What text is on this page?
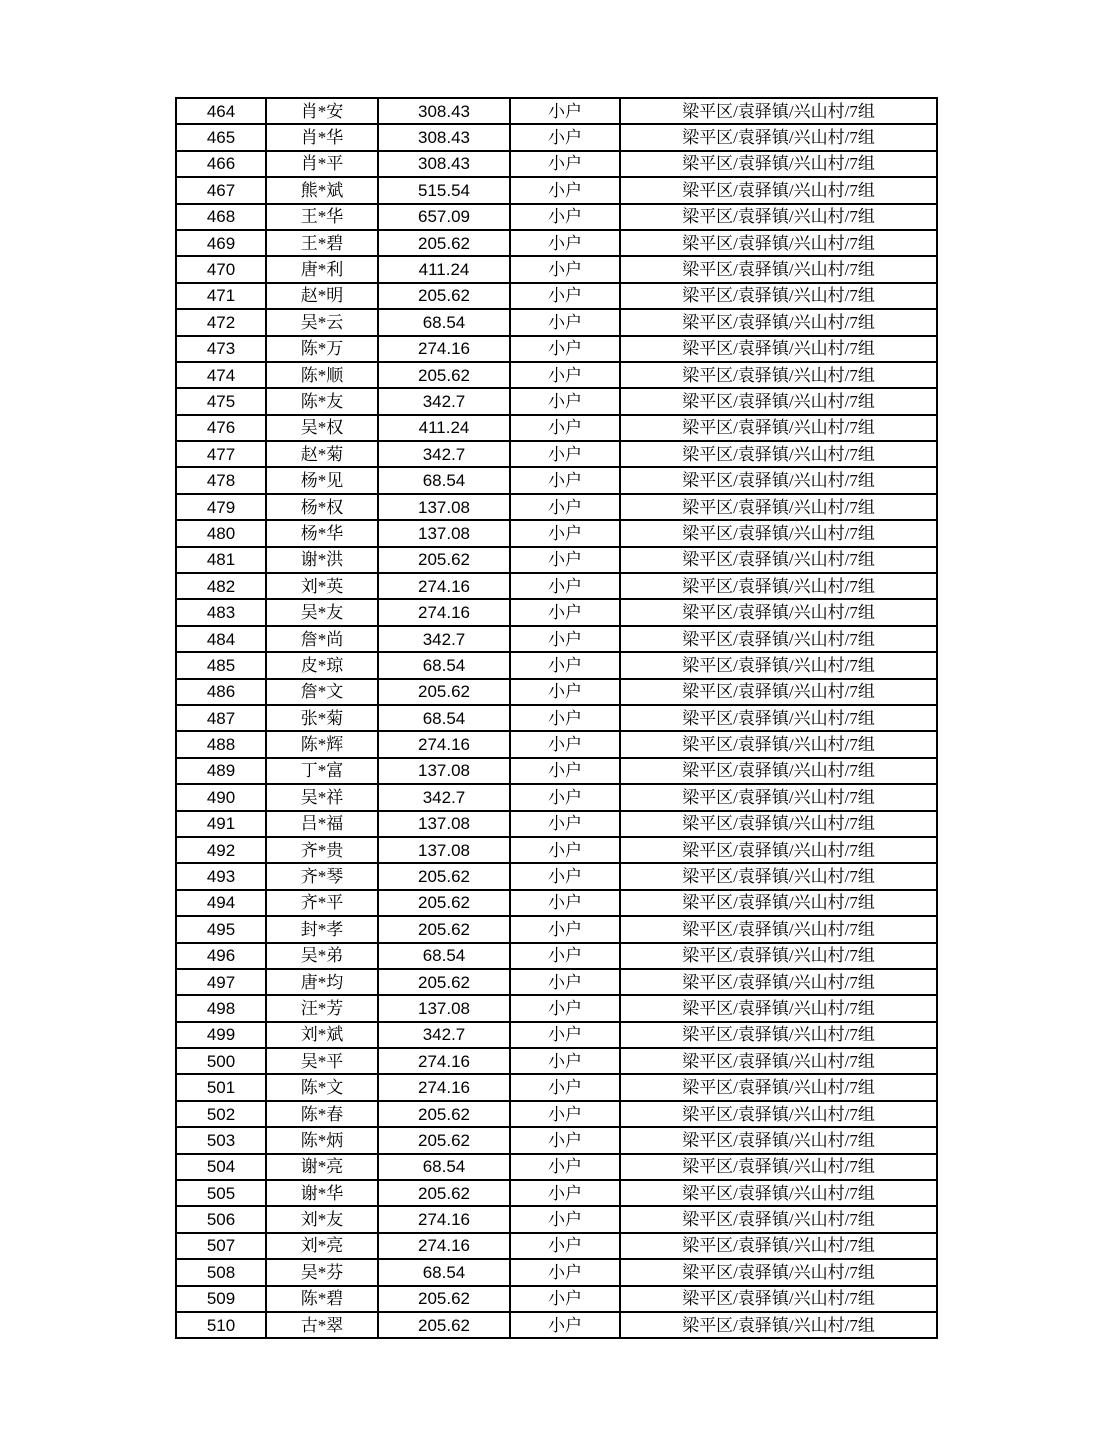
464	肖*安	308.43	小户	梁平区/袁驿镇/兴山村/7组
465	肖*华	308.43	小户	梁平区/袁驿镇/兴山村/7组
466	肖*平	308.43	小户	梁平区/袁驿镇/兴山村/7组
467	熊*斌	515.54	小户	梁平区/袁驿镇/兴山村/7组
468	王*华	657.09	小户	梁平区/袁驿镇/兴山村/7组
469	王*碧	205.62	小户	梁平区/袁驿镇/兴山村/7组
470	唐*利	411.24	小户	梁平区/袁驿镇/兴山村/7组
471	赵*明	205.62	小户	梁平区/袁驿镇/兴山村/7组
472	吴*云	68.54	小户	梁平区/袁驿镇/兴山村/7组
473	陈*万	274.16	小户	梁平区/袁驿镇/兴山村/7组
474	陈*顺	205.62	小户	梁平区/袁驿镇/兴山村/7组
475	陈*友	342.7	小户	梁平区/袁驿镇/兴山村/7组
476	吴*权	411.24	小户	梁平区/袁驿镇/兴山村/7组
477	赵*菊	342.7	小户	梁平区/袁驿镇/兴山村/7组
478	杨*见	68.54	小户	梁平区/袁驿镇/兴山村/7组
479	杨*权	137.08	小户	梁平区/袁驿镇/兴山村/7组
480	杨*华	137.08	小户	梁平区/袁驿镇/兴山村/7组
481	谢*洪	205.62	小户	梁平区/袁驿镇/兴山村/7组
482	刘*英	274.16	小户	梁平区/袁驿镇/兴山村/7组
483	吴*友	274.16	小户	梁平区/袁驿镇/兴山村/7组
484	詹*尚	342.7	小户	梁平区/袁驿镇/兴山村/7组
485	皮*琼	68.54	小户	梁平区/袁驿镇/兴山村/7组
486	詹*文	205.62	小户	梁平区/袁驿镇/兴山村/7组
487	张*菊	68.54	小户	梁平区/袁驿镇/兴山村/7组
488	陈*辉	274.16	小户	梁平区/袁驿镇/兴山村/7组
489	丁*富	137.08	小户	梁平区/袁驿镇/兴山村/7组
490	吴*祥	342.7	小户	梁平区/袁驿镇/兴山村/7组
491	吕*福	137.08	小户	梁平区/袁驿镇/兴山村/7组
492	齐*贵	137.08	小户	梁平区/袁驿镇/兴山村/7组
493	齐*琴	205.62	小户	梁平区/袁驿镇/兴山村/7组
494	齐*平	205.62	小户	梁平区/袁驿镇/兴山村/7组
495	封*孝	205.62	小户	梁平区/袁驿镇/兴山村/7组
496	吴*弟	68.54	小户	梁平区/袁驿镇/兴山村/7组
497	唐*均	205.62	小户	梁平区/袁驿镇/兴山村/7组
498	汪*芳	137.08	小户	梁平区/袁驿镇/兴山村/7组
499	刘*斌	342.7	小户	梁平区/袁驿镇/兴山村/7组
500	吴*平	274.16	小户	梁平区/袁驿镇/兴山村/7组
501	陈*文	274.16	小户	梁平区/袁驿镇/兴山村/7组
502	陈*春	205.62	小户	梁平区/袁驿镇/兴山村/7组
503	陈*炳	205.62	小户	梁平区/袁驿镇/兴山村/7组
504	谢*亮	68.54	小户	梁平区/袁驿镇/兴山村/7组
505	谢*华	205.62	小户	梁平区/袁驿镇/兴山村/7组
506	刘*友	274.16	小户	梁平区/袁驿镇/兴山村/7组
507	刘*亮	274.16	小户	梁平区/袁驿镇/兴山村/7组
508	吴*芬	68.54	小户	梁平区/袁驿镇/兴山村/7组
509	陈*碧	205.62	小户	梁平区/袁驿镇/兴山村/7组
510	古*翠	205.62	小户	梁平区/袁驿镇/兴山村/7组
